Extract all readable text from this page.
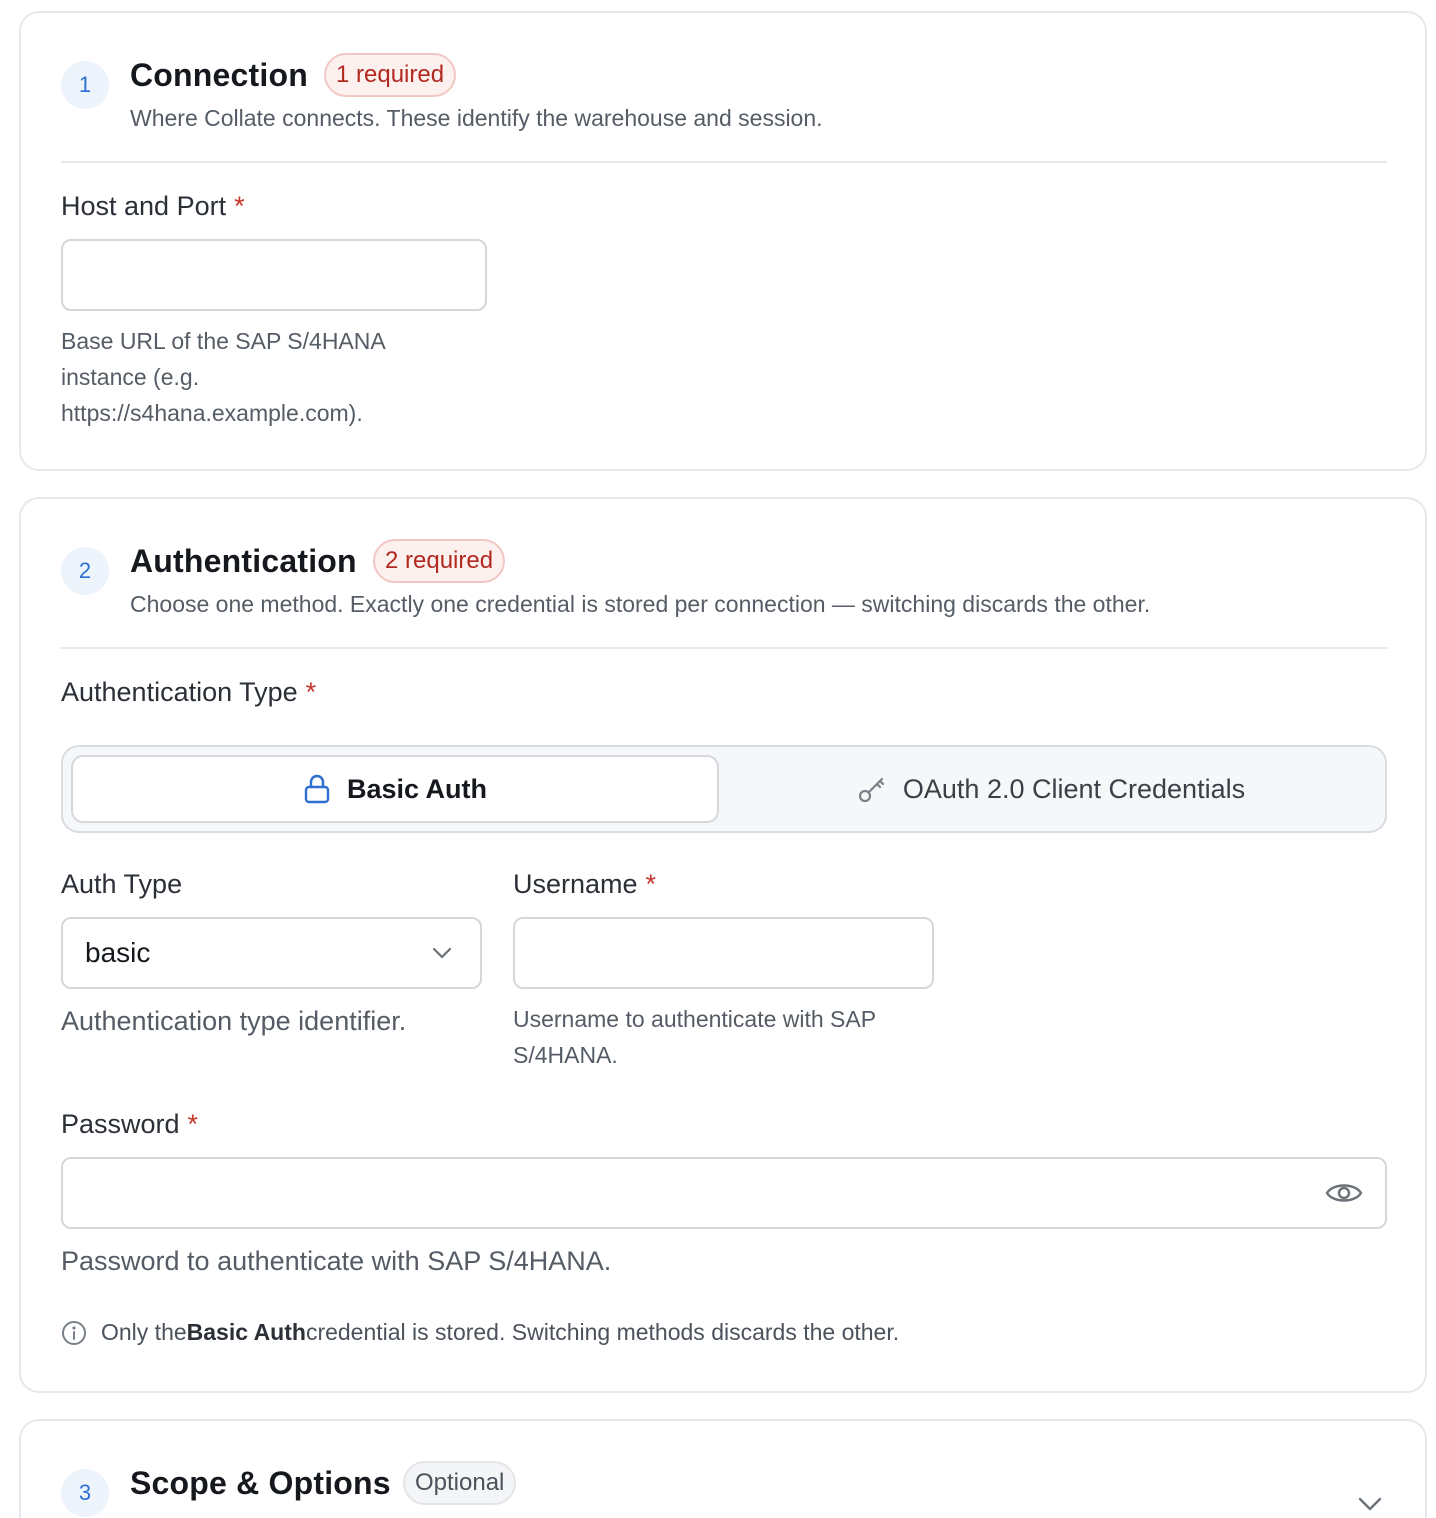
1	Connection	1 required
Where Collate connects. These identify the warehouse and session.
Host and Port *
Base URL of the SAP S/4HANA
instance (e.g.
https://s4hana.example.com).
2	Authentication	2 required
Choose one method. Exactly one credential is stored per connection — switching discards the other.
Authentication Type *
Basic Auth	OAuth 2.0 Client Credentials
Auth Type
basic
Authentication type identifier.
Username *
Username to authenticate with SAP
S/4HANA.
Password *
Password to authenticate with SAP S/4HANA.
Only the Basic Auth credential is stored. Switching methods discards the other.
3	Scope & Options	Optional
